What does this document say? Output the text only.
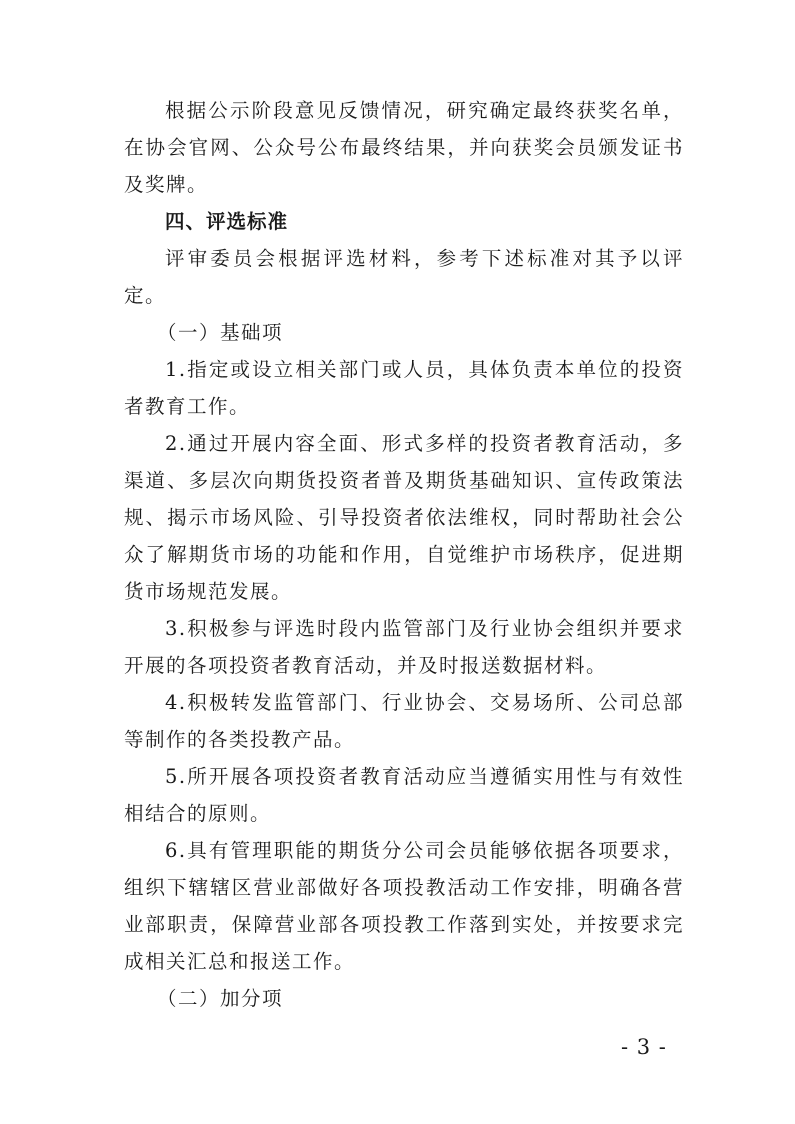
根据公示阶段意见反馈情况，研究确定最终获奖名单，在协会官网、公众号公布最终结果，并向获奖会员颁发证书及奖牌。

四、评选标准

评审委员会根据评选材料，参考下述标准对其予以评定。

（一）基础项

1.指定或设立相关部门或人员，具体负责本单位的投资者教育工作。

2.通过开展内容全面、形式多样的投资者教育活动，多渠道、多层次向期货投资者普及期货基础知识、宣传政策法规、揭示市场风险、引导投资者依法维权，同时帮助社会公众了解期货市场的功能和作用，自觉维护市场秩序，促进期货市场规范发展。

3.积极参与评选时段内监管部门及行业协会组织并要求开展的各项投资者教育活动，并及时报送数据材料。

4.积极转发监管部门、行业协会、交易场所、公司总部等制作的各类投教产品。

5.所开展各项投资者教育活动应当遵循实用性与有效性相结合的原则。

6.具有管理职能的期货分公司会员能够依据各项要求，组织下辖辖区营业部做好各项投教活动工作安排，明确各营业部职责，保障营业部各项投教工作落到实处，并按要求完成相关汇总和报送工作。

（二）加分项

- 3 -
